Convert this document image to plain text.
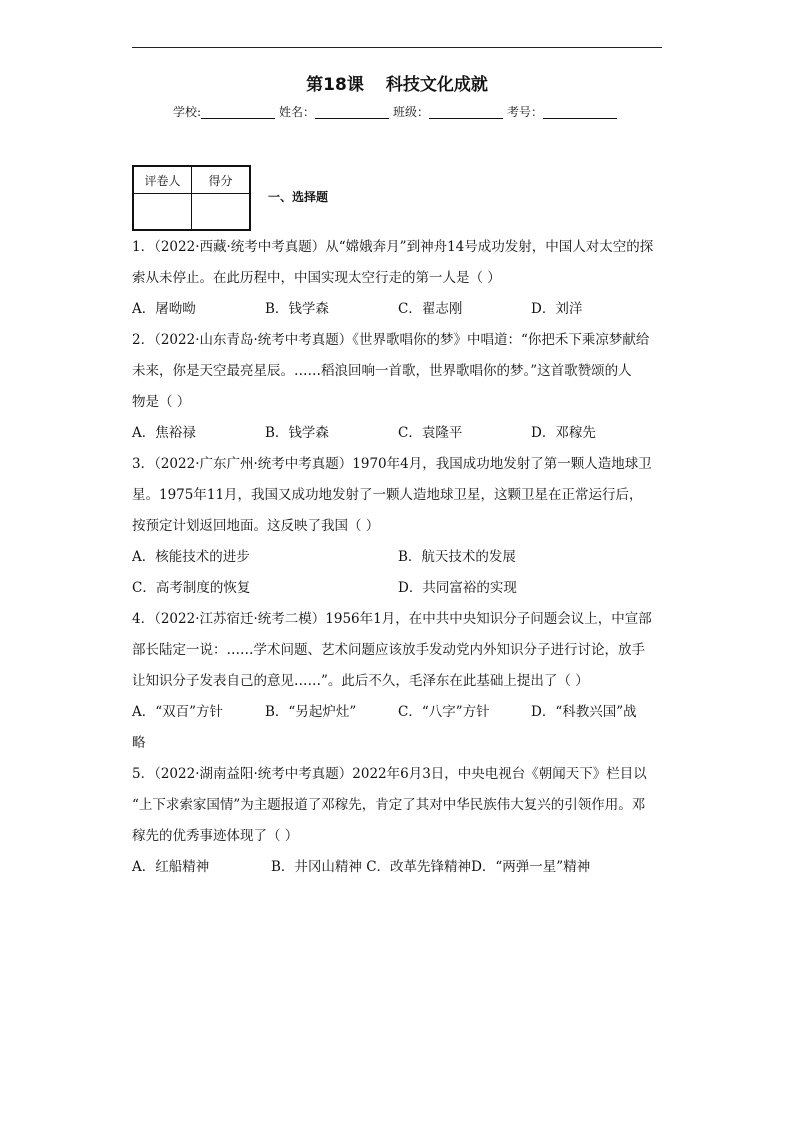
第18课 科技文化成就
学校:	姓名：	班级：	考号：
评卷人	得分

一、选择题
1．（2022·西藏·统考中考真题）从“嫦娥奔月”到神舟14号成功发射，中国人对太空的探
索从未停止。在此历程中，中国实现太空行走的第一人是（ ）
A．屠呦呦	B．钱学森	C．翟志刚	D．刘洋
2．（2022·山东青岛·统考中考真题）《世界歌唱你的梦》中唱道：“你把禾下乘凉梦献给
未来，你是天空最亮星辰。……稻浪回响一首歌，世界歌唱你的梦。”这首歌赞颂的人
物是（ ）
A．焦裕禄	B．钱学森	C．袁隆平	D．邓稼先
3．（2022·广东广州·统考中考真题）1970年4月，我国成功地发射了第一颗人造地球卫
星。1975年11月，我国又成功地发射了一颗人造地球卫星，这颗卫星在正常运行后，
按预定计划返回地面。这反映了我国（ ）
A．核能技术的进步	B．航天技术的发展
C．高考制度的恢复	D．共同富裕的实现
4．（2022·江苏宿迁·统考二模）1956年1月，在中共中央知识分子问题会议上，中宣部
部长陆定一说：……学术问题、艺术问题应该放手发动党内外知识分子进行讨论，放手
让知识分子发表自己的意见……”。此后不久，毛泽东在此基础上提出了（ ）
A．“双百”方针	B．“另起炉灶”	C．“八字”方针	D．“科教兴国”战
略
5．（2022·湖南益阳·统考中考真题）2022年6月3日，中央电视台《朝闻天下》栏目以
“上下求索家国情”为主题报道了邓稼先，肯定了其对中华民族伟大复兴的引领作用。邓
稼先的优秀事迹体现了（ ）
A．红船精神	B．井冈山精神 C．改革先锋精神D．“两弹一星”精神
